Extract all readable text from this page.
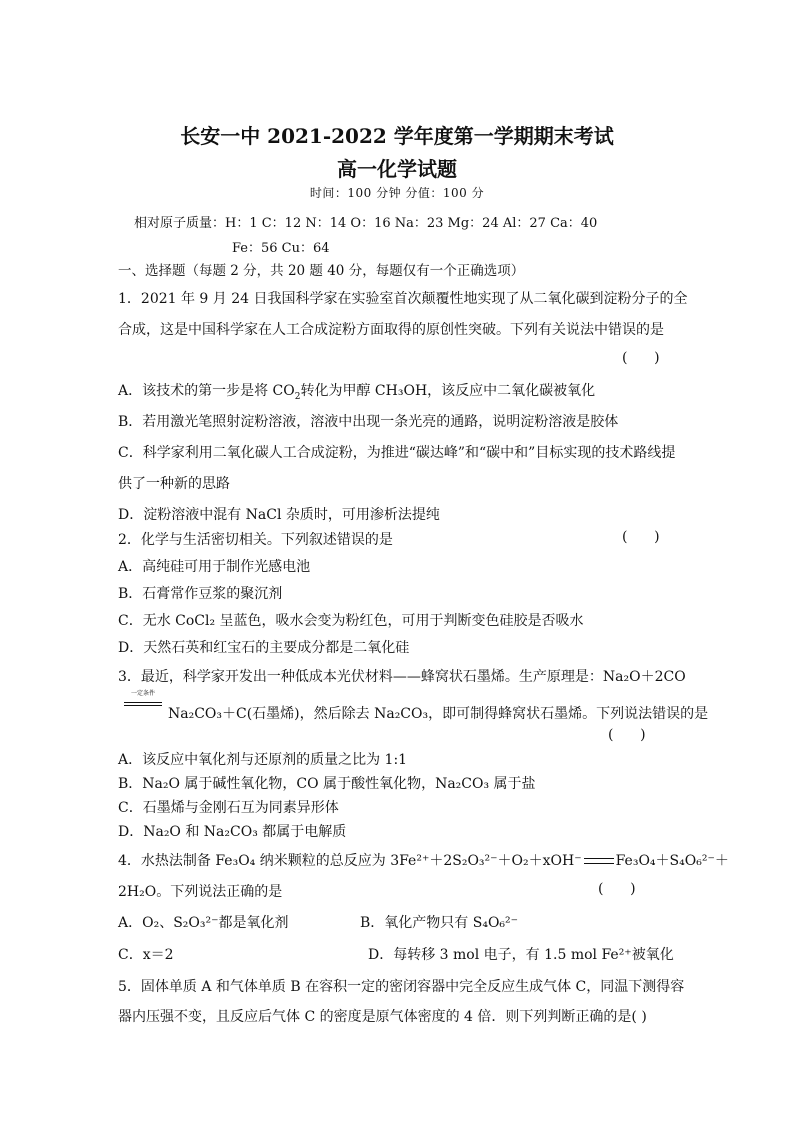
长安一中 2021-2022 学年度第一学期期末考试
高一化学试题
时间：100 分钟 分值：100 分
相对原子质量：H：1 C：12 N：14 O：16 Na：23 Mg：24 Al：27 Ca：40
Fe：56 Cu：64
一、选择题（每题 2 分，共 20 题 40 分，每题仅有一个正确选项）
1．2021 年 9 月 24 日我国科学家在实验室首次颠覆性地实现了从二氧化碳到淀粉分子的全
合成，这是中国科学家在人工合成淀粉方面取得的原创性突破。下列有关说法中错误的是
(      )
A．该技术的第一步是将 $CO_2$转化为甲醇 CH₃OH，该反应中二氧化碳被氧化
B．若用激光笔照射淀粉溶液，溶液中出现一条光亮的通路，说明淀粉溶液是胶体
C．科学家利用二氧化碳人工合成淀粉，为推进“碳达峰”和“碳中和”目标实现的技术路线提
供了一种新的思路
D．淀粉溶液中混有 NaCl 杂质时，可用渗析法提纯
2．化学与生活密切相关。下列叙述错误的是	(      )
A．高纯硅可用于制作光感电池
B．石膏常作豆浆的聚沉剂
C．无水 CoCl₂ 呈蓝色，吸水会变为粉红色，可用于判断变色硅胶是否吸水
D．天然石英和红宝石的主要成分都是二氧化硅
3．最近，科学家开发出一种低成本光伏材料——蜂窝状石墨烯。生产原理是：Na₂O＋2CO
一定条件
Na₂CO₃＋C(石墨烯)，然后除去 Na₂CO₃，即可制得蜂窝状石墨烯。下列说法错误的是
(      )
A．该反应中氧化剂与还原剂的质量之比为 1:1
B．Na₂O 属于碱性氧化物，CO 属于酸性氧化物，Na₂CO₃ 属于盐
C．石墨烯与金刚石互为同素异形体
D．Na₂O 和 Na₂CO₃ 都属于电解质
4．水热法制备 Fe₃O₄ 纳米颗粒的总反应为 3Fe²⁺＋2S₂O₃²⁻＋O₂＋xOH⁻ Fe₃O₄＋S₄O₆²⁻＋
2H₂O。下列说法正确的是	(      )
A．O₂、S₂O₃²⁻都是氧化剂	B．氧化产物只有 S₄O₆²⁻
C．x＝2	D．每转移 3 mol 电子，有 1.5 mol Fe²⁺被氧化
5．固体单质 A 和气体单质 B 在容积一定的密闭容器中完全反应生成气体 C，同温下测得容
器内压强不变，且反应后气体 C 的密度是原气体密度的 4 倍．则下列判断正确的是( )
